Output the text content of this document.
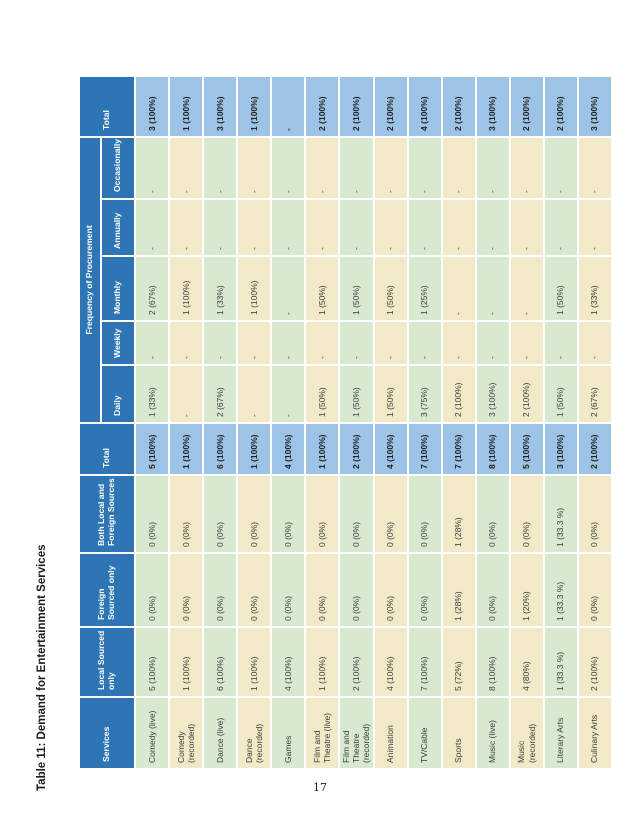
Table 11: Demand for Entertainment Services	Services	Local Sourced only	Foreign Sourced only	Both Local and Foreign Sources	Total	Frequency of Procurement					Total
					Daily	Weekly	Monthly	Annually	Occasionally	
Comedy (live)	5 (100%)	0 (0%)	0 (0%)	5 (100%)	1 (33%)	-	2 (67%)	-	-	3 (100%)
Comedy (recorded)	1 (100%)	0 (0%)	0 (0%)	1 (100%)	-	-	1 (100%)	-	-	1 (100%)
Dance (live)	6 (100%)	0 (0%)	0 (0%)	6 (100%)	2 (67%)	-	1 (33%)	-	-	3 (100%)
Dance (recorded)	1 (100%)	0 (0%)	0 (0%)	1 (100%)	-	-	1 (100%)	-	-	1 (100%)
Games	4 (100%)	0 (0%)	0 (0%)	4 (100%)	-	-	-	-	-	-
Film and Theatre (live)	1 (100%)	0 (0%)	0 (0%)	1 (100%)	1 (50%)	-	1 (50%)	-	-	2 (100%)
Film and Theatre (recorded)	2 (100%)	0 (0%)	0 (0%)	2 (100%)	1 (50%)	-	1 (50%)	-	-	2 (100%)
Animation	4 (100%)	0 (0%)	0 (0%)	4 (100%)	1 (50%)	-	1 (50%)	-	-	2 (100%)
TV/Cable	7 (100%)	0 (0%)	0 (0%)	7 (100%)	3 (75%)	-	1 (25%)	-	-	4 (100%)
Sports	5 (72%)	1 (28%)	1 (28%)	7 (100%)	2 (100%)	-	-	-	-	2 (100%)
Music (live)	8 (100%)	0 (0%)	0 (0%)	8 (100%)	3 (100%)	-	-	-	-	3 (100%)
Music (recorded)	4 (80%)	1 (20%)	0 (0%)	5 (100%)	2 (100%)	-	-	-	-	2 (100%)
Literary Arts	1 (33.3 %)	1 (33.3 %)	1 (33.3 %)	3 (100%)	1 (50%)	-	1 (50%)	-	-	2 (100%)
Culinary Arts	2 (100%)	0 (0%)	0 (0%)	2 (100%)	2 (67%)	-	1 (33%)	-	-	3 (100%)
17
